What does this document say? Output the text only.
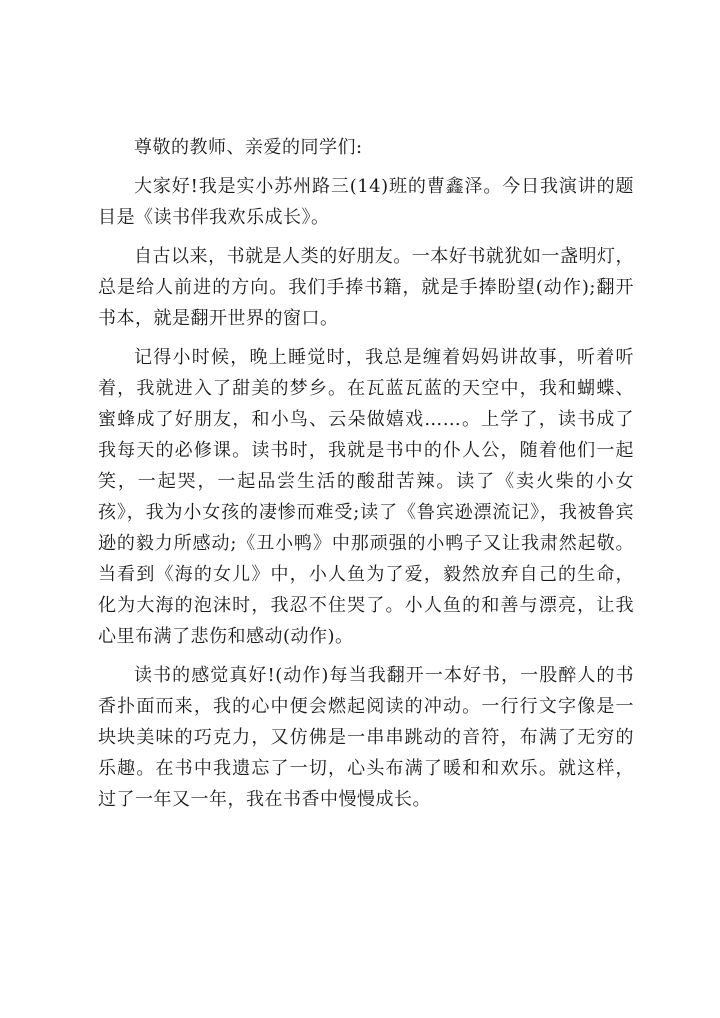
尊敬的教师、亲爱的同学们:

大家好!我是实小苏州路三(14)班的曹鑫泽。今日我演讲的题目是《读书伴我欢乐成长》。

自古以来，书就是人类的好朋友。一本好书就犹如一盏明灯，总是给人前进的方向。我们手捧书籍，就是手捧盼望(动作);翻开书本，就是翻开世界的窗口。

记得小时候，晚上睡觉时，我总是缠着妈妈讲故事，听着听着，我就进入了甜美的梦乡。在瓦蓝瓦蓝的天空中，我和蝴蝶、蜜蜂成了好朋友，和小鸟、云朵做嬉戏……。上学了，读书成了我每天的必修课。读书时，我就是书中的仆人公，随着他们一起笑，一起哭，一起品尝生活的酸甜苦辣。读了《卖火柴的小女孩》，我为小女孩的凄惨而难受;读了《鲁宾逊漂流记》，我被鲁宾逊的毅力所感动;《丑小鸭》中那顽强的小鸭子又让我肃然起敬。当看到《海的女儿》中，小人鱼为了爱，毅然放弃自己的生命，化为大海的泡沫时，我忍不住哭了。小人鱼的和善与漂亮，让我心里布满了悲伤和感动(动作)。

读书的感觉真好!(动作)每当我翻开一本好书，一股醉人的书香扑面而来，我的心中便会燃起阅读的冲动。一行行文字像是一块块美味的巧克力，又仿佛是一串串跳动的音符，布满了无穷的乐趣。在书中我遗忘了一切，心头布满了暖和和欢乐。就这样，过了一年又一年，我在书香中慢慢成长。
